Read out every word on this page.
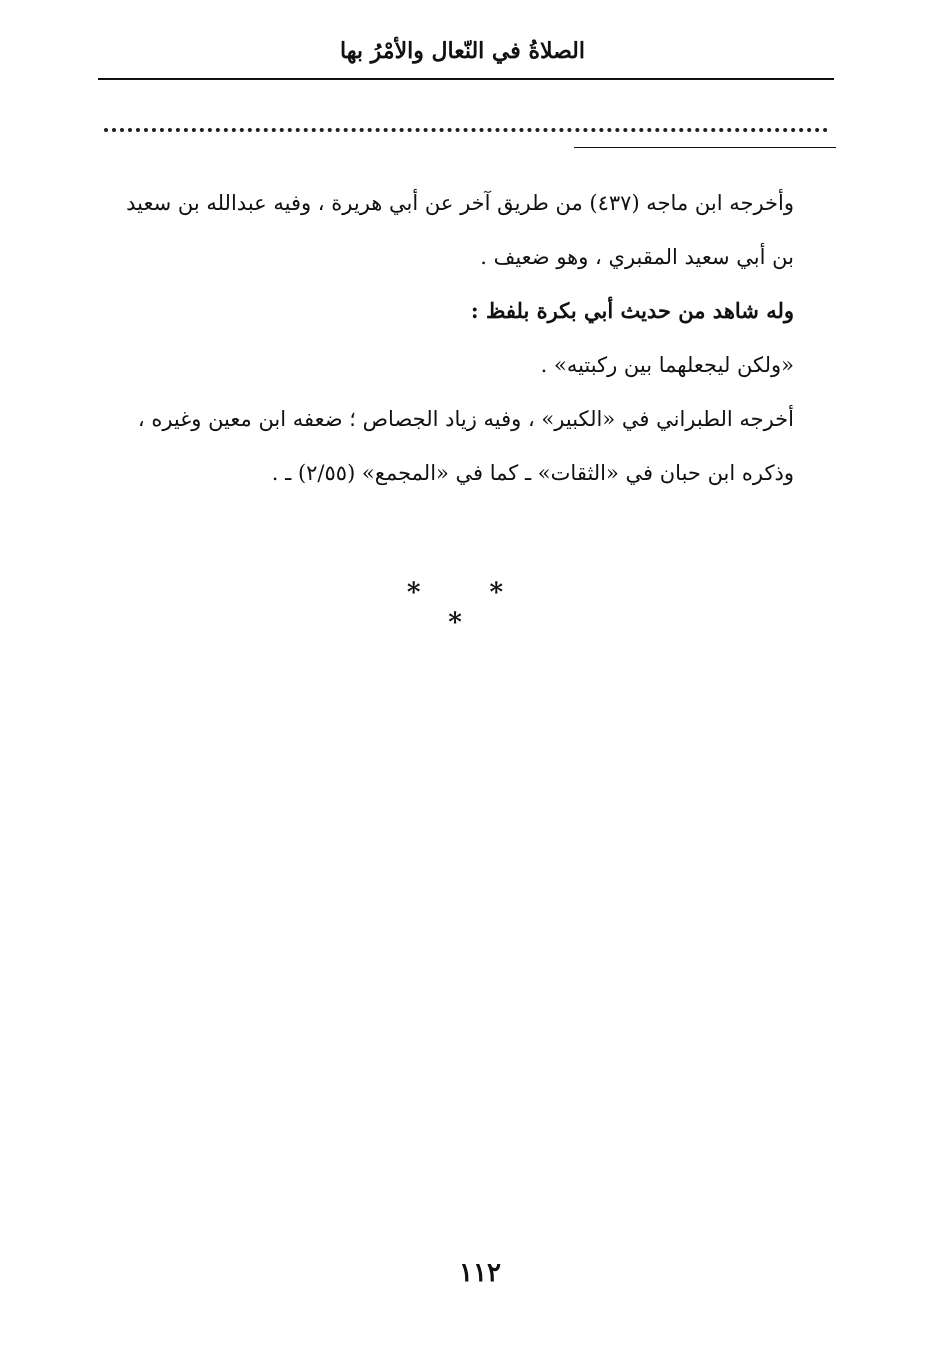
الصلاةُ في النّعال والأمْرُ بها

وأخرجه ابن ماجه (٤٣٧) من طريق آخر عن أبي هريرة ، وفيه عبدالله بن سعيد بن أبي سعيد المقبري ، وهو ضعيف .

وله شاهد من حديث أبي بكرة بلفظ :

«ولكن ليجعلهما بين ركبتيه» .

أخرجه الطبراني في «الكبير» ، وفيه زياد الجصاص ؛ ضعفه ابن معين وغيره ، وذكره ابن حبان في «الثقات» ـ كما في «المجمع» (٢/٥٥) ـ .

* * *
١١٢
